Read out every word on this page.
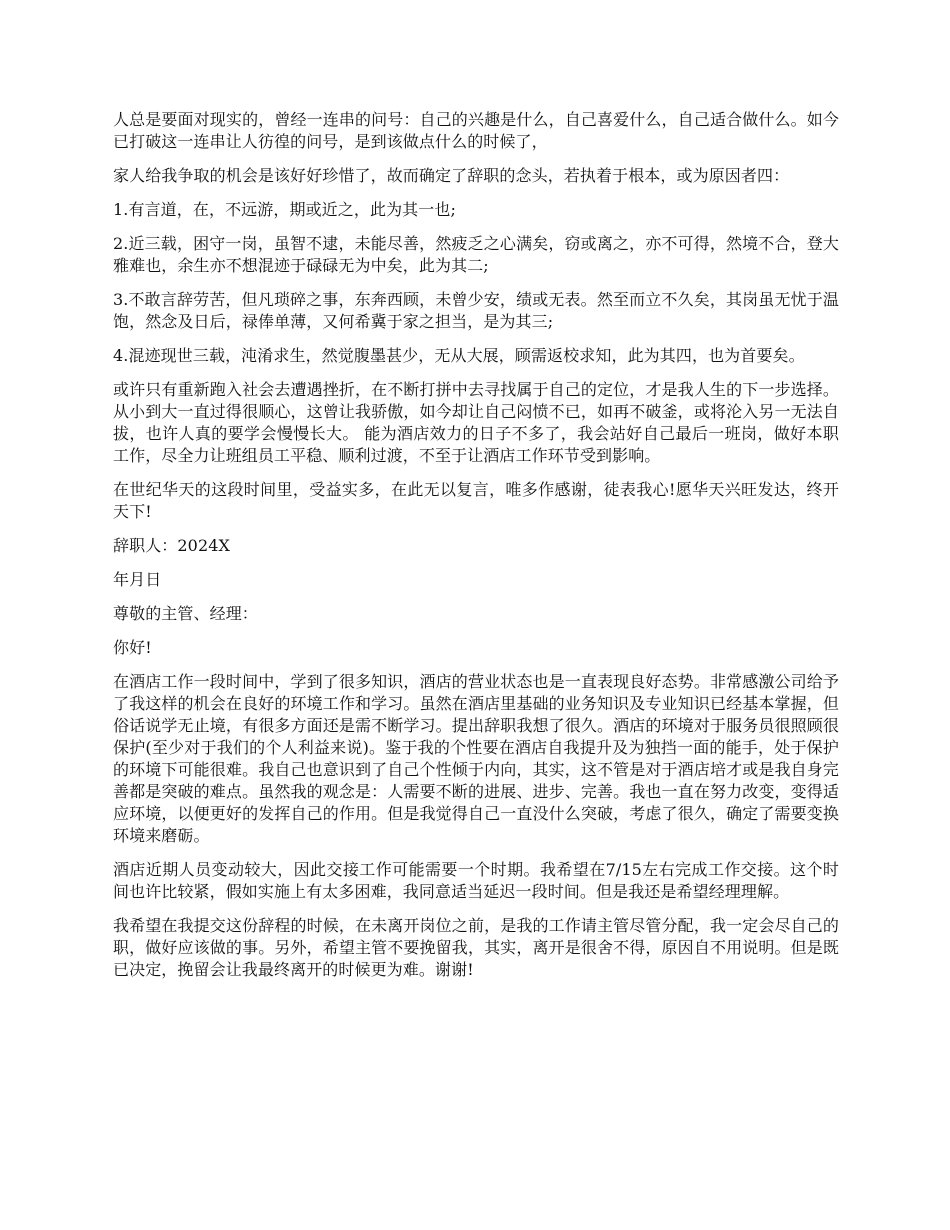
人总是要面对现实的，曾经一连串的问号：自己的兴趣是什么，自己喜爱什么，自己适合做什么。如今已打破这一连串让人彷徨的问号，是到该做点什么的时候了，

家人给我争取的机会是该好好珍惜了，故而确定了辞职的念头，若执着于根本，或为原因者四：

1.有言道，在，不远游，期或近之，此为其一也;

2.近三载，困守一岗，虽智不逮，未能尽善，然疲乏之心满矣，窃或离之，亦不可得，然境不合，登大雅难也，余生亦不想混迹于碌碌无为中矣，此为其二;

3.不敢言辞劳苦，但凡琐碎之事，东奔西顾，未曾少安，绩或无表。然至而立不久矣，其岗虽无忧于温饱，然念及日后，禄俸单薄，又何希冀于家之担当，是为其三;

4.混迹现世三载，沌淆求生，然觉腹墨甚少，无从大展，顾需返校求知，此为其四，也为首要矣。

或许只有重新跑入社会去遭遇挫折，在不断打拼中去寻找属于自己的定位，才是我人生的下一步选择。从小到大一直过得很顺心，这曾让我骄傲，如今却让自己闷愤不已，如再不破釜，或将沦入另一无法自拔，也许人真的要学会慢慢长大。 能为酒店效力的日子不多了，我会站好自己最后一班岗，做好本职工作，尽全力让班组员工平稳、顺利过渡，不至于让酒店工作环节受到影响。

在世纪华天的这段时间里，受益实多，在此无以复言，唯多作感谢，徒表我心!愿华天兴旺发达，终开天下!

辞职人：2024X

年月日

尊敬的主管、经理：

你好!

在酒店工作一段时间中，学到了很多知识，酒店的营业状态也是一直表现良好态势。非常感激公司给予了我这样的机会在良好的环境工作和学习。虽然在酒店里基础的业务知识及专业知识已经基本掌握，但俗话说学无止境，有很多方面还是需不断学习。提出辞职我想了很久。酒店的环境对于服务员很照顾很保护(至少对于我们的个人利益来说)。鉴于我的个性要在酒店自我提升及为独挡一面的能手，处于保护的环境下可能很难。我自己也意识到了自己个性倾于内向，其实，这不管是对于酒店培才或是我自身完善都是突破的难点。虽然我的观念是：人需要不断的进展、进步、完善。我也一直在努力改变，变得适应环境，以便更好的发挥自己的作用。但是我觉得自己一直没什么突破，考虑了很久，确定了需要变换环境来磨砺。

酒店近期人员变动较大，因此交接工作可能需要一个时期。我希望在7/15左右完成工作交接。这个时间也许比较紧，假如实施上有太多困难，我同意适当延迟一段时间。但是我还是希望经理理解。

我希望在我提交这份辞程的时候，在未离开岗位之前，是我的工作请主管尽管分配，我一定会尽自己的职，做好应该做的事。另外，希望主管不要挽留我，其实，离开是很舍不得，原因自不用说明。但是既已决定，挽留会让我最终离开的时候更为难。谢谢!
